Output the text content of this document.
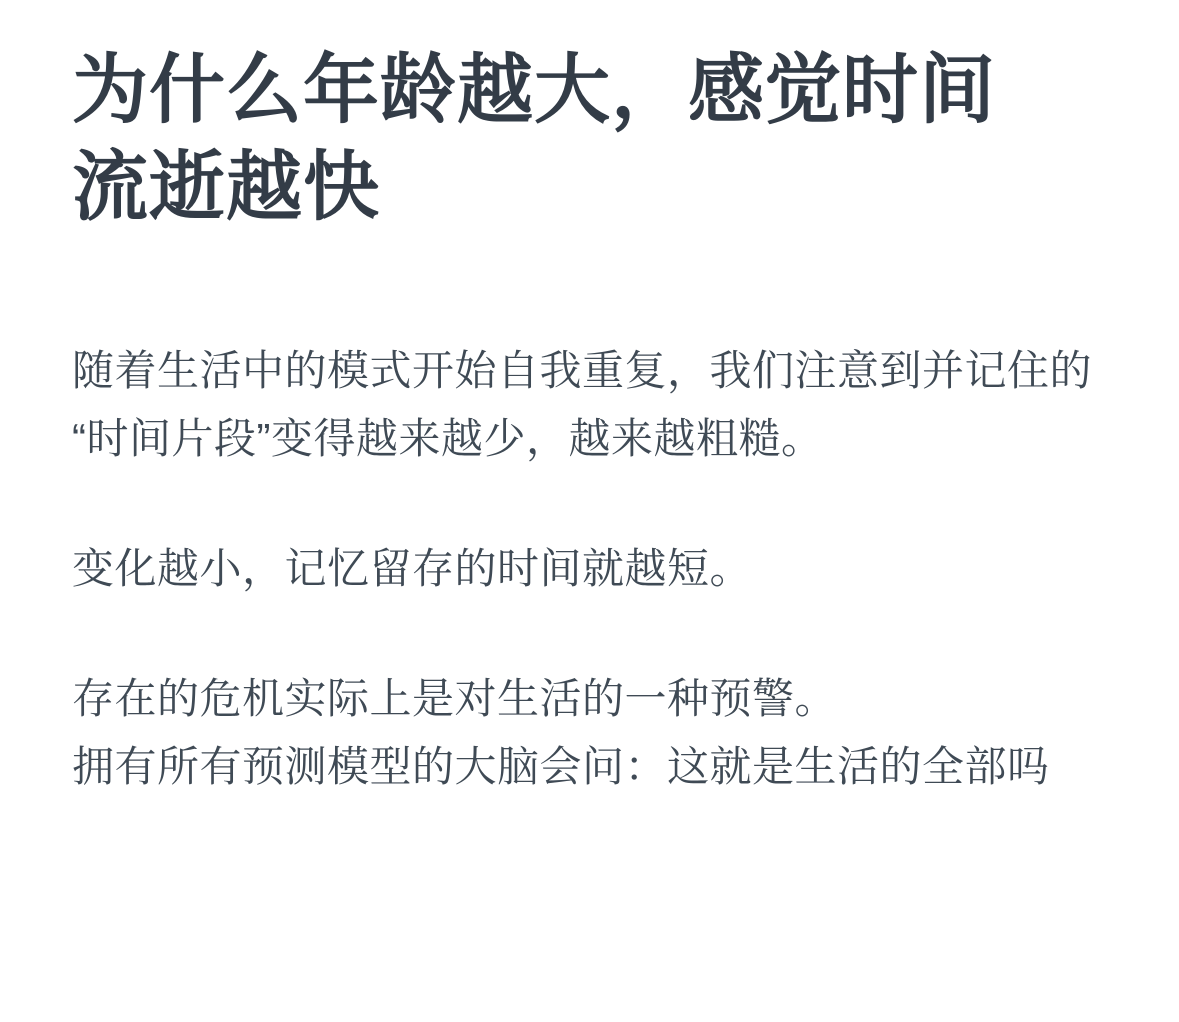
为什么年龄越大，感觉时间流逝越快

随着生活中的模式开始自我重复，我们注意到并记住的“时间片段”变得越来越少，越来越粗糙。

变化越小，记忆留存的时间就越短。

存在的危机实际上是对生活的一种预警。
拥有所有预测模型的大脑会问：这就是生活的全部吗
